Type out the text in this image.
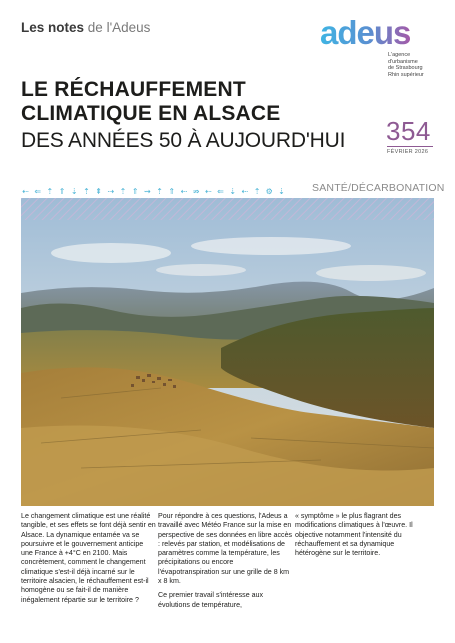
Les notes de l'Adeus	adeus
L'agence
d'urbanisme
de Strasbourg
Rhin supérieur
LE RÉCHAUFFEMENT
CLIMATIQUE EN ALSACE
DES ANNÉES 50 À AUJOURD'HUI 354
FÉVRIER 2026
⇠ ⇐ ⇡ ⇑ ⇣ ⇡ ⇞ ⇢ ⇡ ⇑ ⇝ ⇡ ⇑ ⇠ ⇏ ⇠ ⇐ ⇣ ⇠ ⇡ ⚙ ⇣	SANTÉ/DÉCARBONATION

Le changement climatique est une réalité tangible, et ses effets se font déjà sentir en Alsace. La dynamique entamée va se poursuivre et le gouvernement anticipe une France à +4°C en 2100. Mais concrètement, comment le changement climatique s'est-il déjà incarné sur le territoire alsacien, le réchauffement est-il homogène ou se fait-il de manière inégalement répartie sur le territoire ?

Pour répondre à ces questions, l'Adeus a travaillé avec Météo France sur la mise en perspective de ses données en libre accès : relevés par station, et modélisations de paramètres comme la température, les précipitations ou encore l'évapotranspiration sur une grille de 8 km x 8 km.

Ce premier travail s'intéresse aux évolutions de température,

« symptôme » le plus flagrant des modifications climatiques à l'œuvre. Il objective notamment l'intensité du réchauffement et sa dynamique hétérogène sur le territoire.
